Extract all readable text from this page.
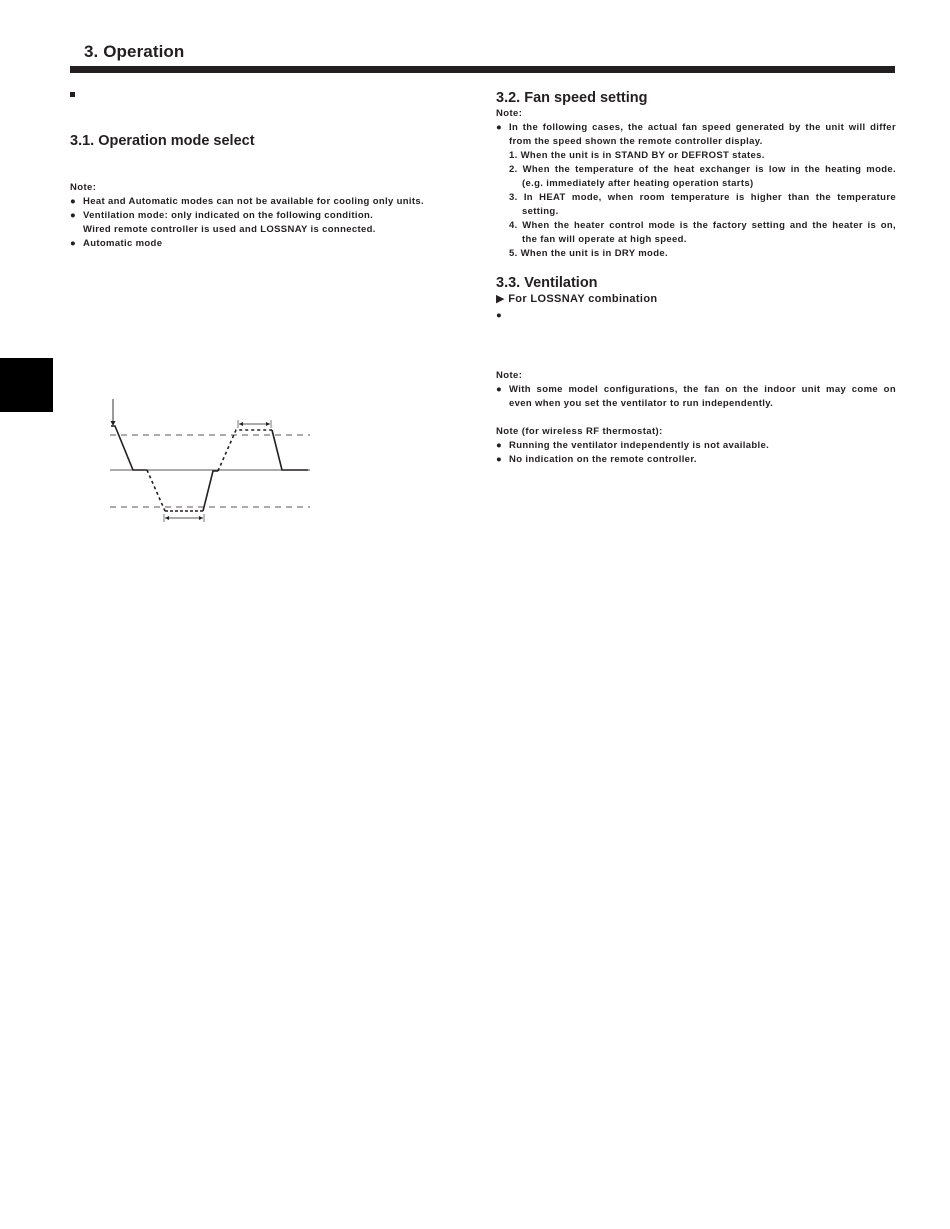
3. Operation
3.1. Operation mode select
Note:
● Heat and Automatic modes can not be available for cooling only units.
● Ventilation mode: only indicated on the following condition.
Wired remote controller is used and LOSSNAY is connected.
● Automatic mode
3.2. Fan speed setting
Note:
● In the following cases, the actual fan speed generated by the unit will differ
from the speed shown the remote controller display.
1. When the unit is in STAND BY or DEFROST states.
2. When the temperature of the heat exchanger is low in the heating mode.
(e.g. immediately after heating operation starts)
3. In HEAT mode, when room temperature is higher than the temperature
setting.
4. When the heater control mode is the factory setting and the heater is on,
the fan will operate at high speed.
5. When the unit is in DRY mode.
3.3. Ventilation
▶ For LOSSNAY combination
●
Note:
● With some model configurations, the fan on the indoor unit may come on
even when you set the ventilator to run independently.
Note (for wireless RF thermostat):
● Running the ventilator independently is not available.
● No indication on the remote controller.
